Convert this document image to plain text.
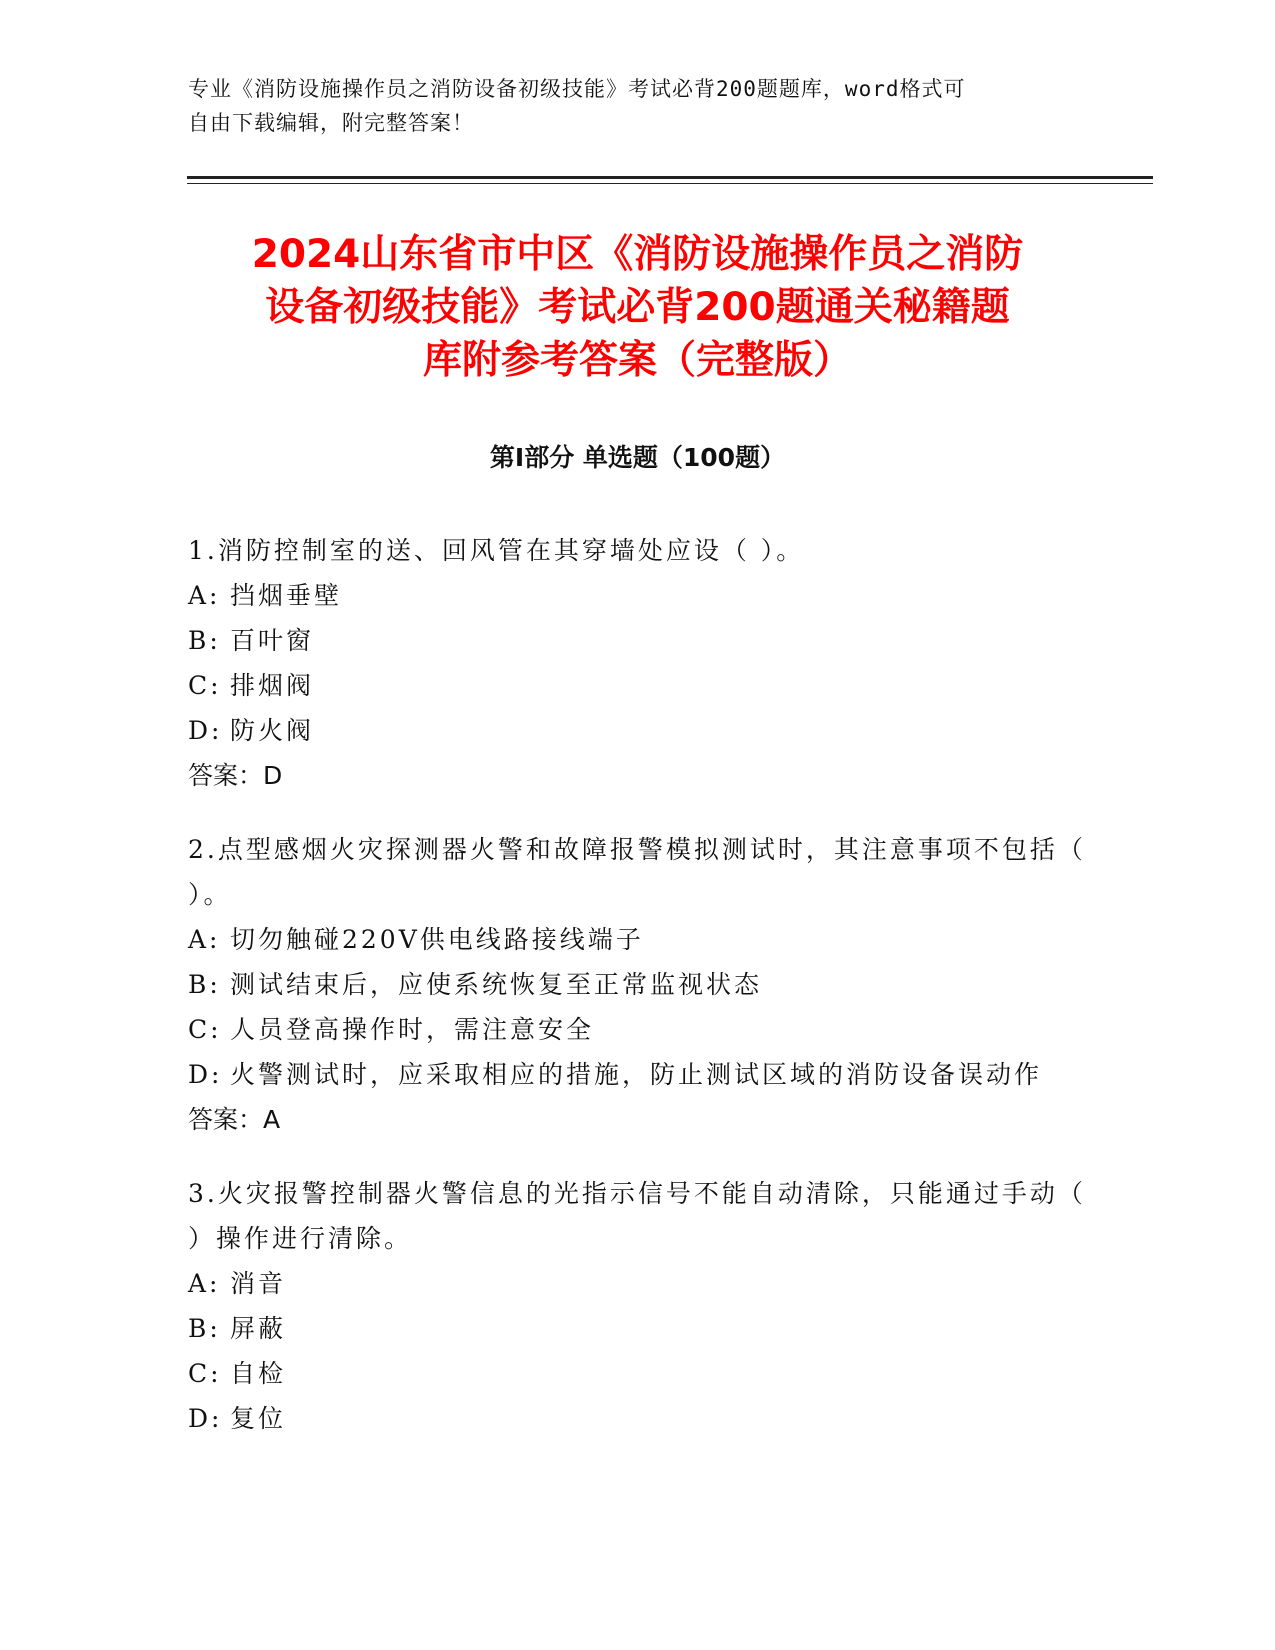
专业《消防设施操作员之消防设备初级技能》考试必背200题题库，word格式可
自由下载编辑，附完整答案！
2024山东省市中区《消防设施操作员之消防
设备初级技能》考试必背200题通关秘籍题
库附参考答案（完整版）
第Ⅰ部分 单选题（100题）
1.消防控制室的送、回风管在其穿墙处应设（ ）。
A: 挡烟垂壁
B: 百叶窗
C: 排烟阀
D: 防火阀
答案：D
2.点型感烟火灾探测器火警和故障报警模拟测试时，其注意事项不包括（ ）。
A: 切勿触碰220V供电线路接线端子
B: 测试结束后，应使系统恢复至正常监视状态
C: 人员登高操作时，需注意安全
D: 火警测试时，应采取相应的措施，防止测试区域的消防设备误动作
答案：A
3.火灾报警控制器火警信息的光指示信号不能自动清除，只能通过手动（ ）操作进行清除。
A: 消音
B: 屏蔽
C: 自检
D: 复位
